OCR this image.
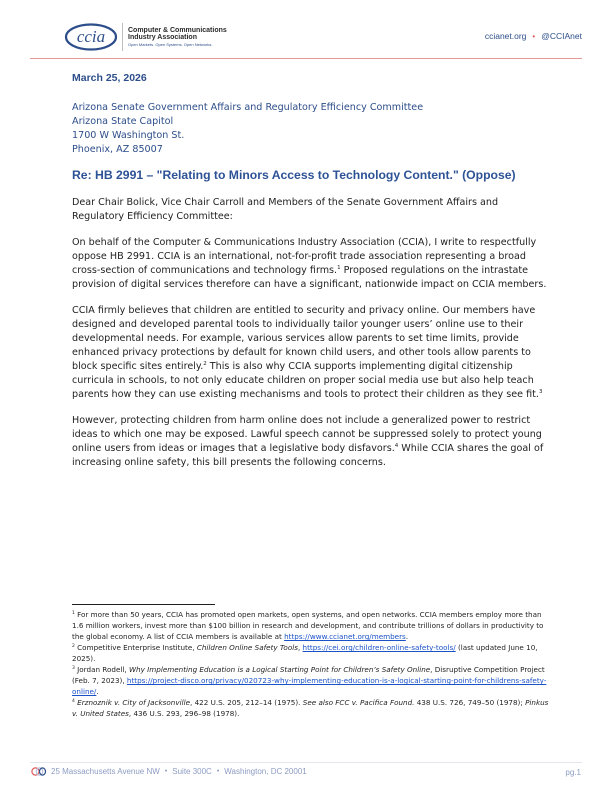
ccia	Computer & Communications
Industry Association
Open Markets. Open Systems. Open Networks.
ccianet.org • @CCIAnet

March 25, 2026

Arizona Senate Government Affairs and Regulatory Efficiency Committee
Arizona State Capitol
1700 W Washington St.
Phoenix, AZ 85007
Re: HB 2991 – "Relating to Minors Access to Technology Content." (Oppose)
Dear Chair Bolick, Vice Chair Carroll and Members of the Senate Government Affairs and Regulatory Efficiency Committee:
On behalf of the Computer & Communications Industry Association (CCIA), I write to respectfully oppose HB 2991. CCIA is an international, not-for-profit trade association representing a broad cross-section of communications and technology firms.$^1$ Proposed regulations on the intrastate provision of digital services therefore can have a significant, nationwide impact on CCIA members.
CCIA firmly believes that children are entitled to security and privacy online. Our members have designed and developed parental tools to individually tailor younger users’ online use to their developmental needs. For example, various services allow parents to set time limits, provide enhanced privacy protections by default for known child users, and other tools allow parents to block specific sites entirely.$^2$ This is also why CCIA supports implementing digital citizenship curricula in schools, to not only educate children on proper social media use but also help teach parents how they can use existing mechanisms and tools to protect their children as they see fit.$^3$
However, protecting children from harm online does not include a generalized power to restrict ideas to which one may be exposed. Lawful speech cannot be suppressed solely to protect young online users from ideas or images that a legislative body disfavors.$^4$ While CCIA shares the goal of increasing online safety, this bill presents the following concerns.
$^1$ For more than 50 years, CCIA has promoted open markets, open systems, and open networks. CCIA members employ more than 1.6 million workers, invest more than $100 billion in research and development, and contribute trillions of dollars in productivity to the global economy. A list of CCIA members is available at https://www.ccianet.org/members.
$^2$ Competitive Enterprise Institute, Children Online Safety Tools, https://cei.org/children-online-safety-tools/ (last updated June 10, 2025).
$^3$ Jordan Rodell, Why Implementing Education is a Logical Starting Point for Children’s Safety Online, Disruptive Competition Project (Feb. 7, 2023), https://project-disco.org/privacy/020723-why-implementing-education-is-a-logical-starting-point-for-childrens-safety-online/.
$^4$ Erznoznik v. City of Jacksonville, 422 U.S. 205, 212–14 (1975). See also FCC v. Pacifica Found. 438 U.S. 726, 749–50 (1978); Pinkus v. United States, 436 U.S. 293, 296–98 (1978).
25 Massachusetts Avenue NW • Suite 300C • Washington, DC 20001	pg.1
